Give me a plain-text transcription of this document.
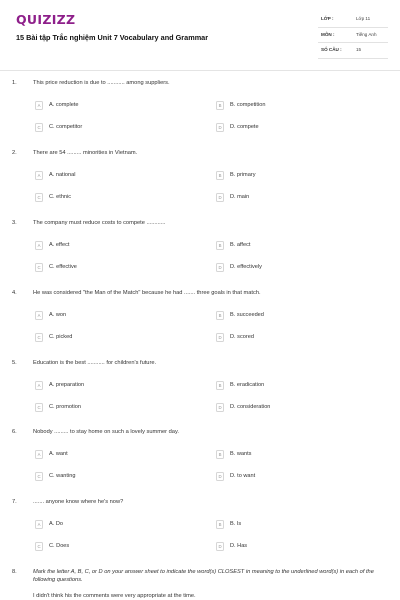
QUIZIZZ
15 Bài tập Trắc nghiệm Unit 7 Vocabulary and Grammar
LỚP :	Lớp 11
MÔN :	Tiếng Anh
SỐ CÂU :	15
1.	This price reduction is due to ........... among suppliers.
A	A. complete	B	B. competition
C	C. competitor	D	D. compete
2.	There are 54 ......... minorities in Vietnam.
A	A. national	B	B. primary
C	C. ethnic	D	D. main
3.	The company must reduce costs to compete ............
A	A. effect	B	B. affect
C	C. effective	D	D. effectively
4.	He was considered "the Man of the Match" because he had ....... three goals in that match.
A	A. won	B	B. succeeded
C	C. picked	D	D. scored
5.	Education is the best ........... for children's future.
A	A. preparation	B	B. eradication
C	C. promotion	D	D. consideration
6.	Nobody ......... to stay home on such a lovely summer day.
A	A. want	B	B. wants
C	C. wanting	D	D. to want
7.	....... anyone know where he's now?
A	A. Do	B	B. Is
C	C. Does	D	D. Has
8.	Mark the letter A, B, C, or D on your answer sheet to indicate the word(s) CLOSEST in meaning to the underlined word(s) in each of the following questions.
I didn't think his the comments were very appropriate at the time.
